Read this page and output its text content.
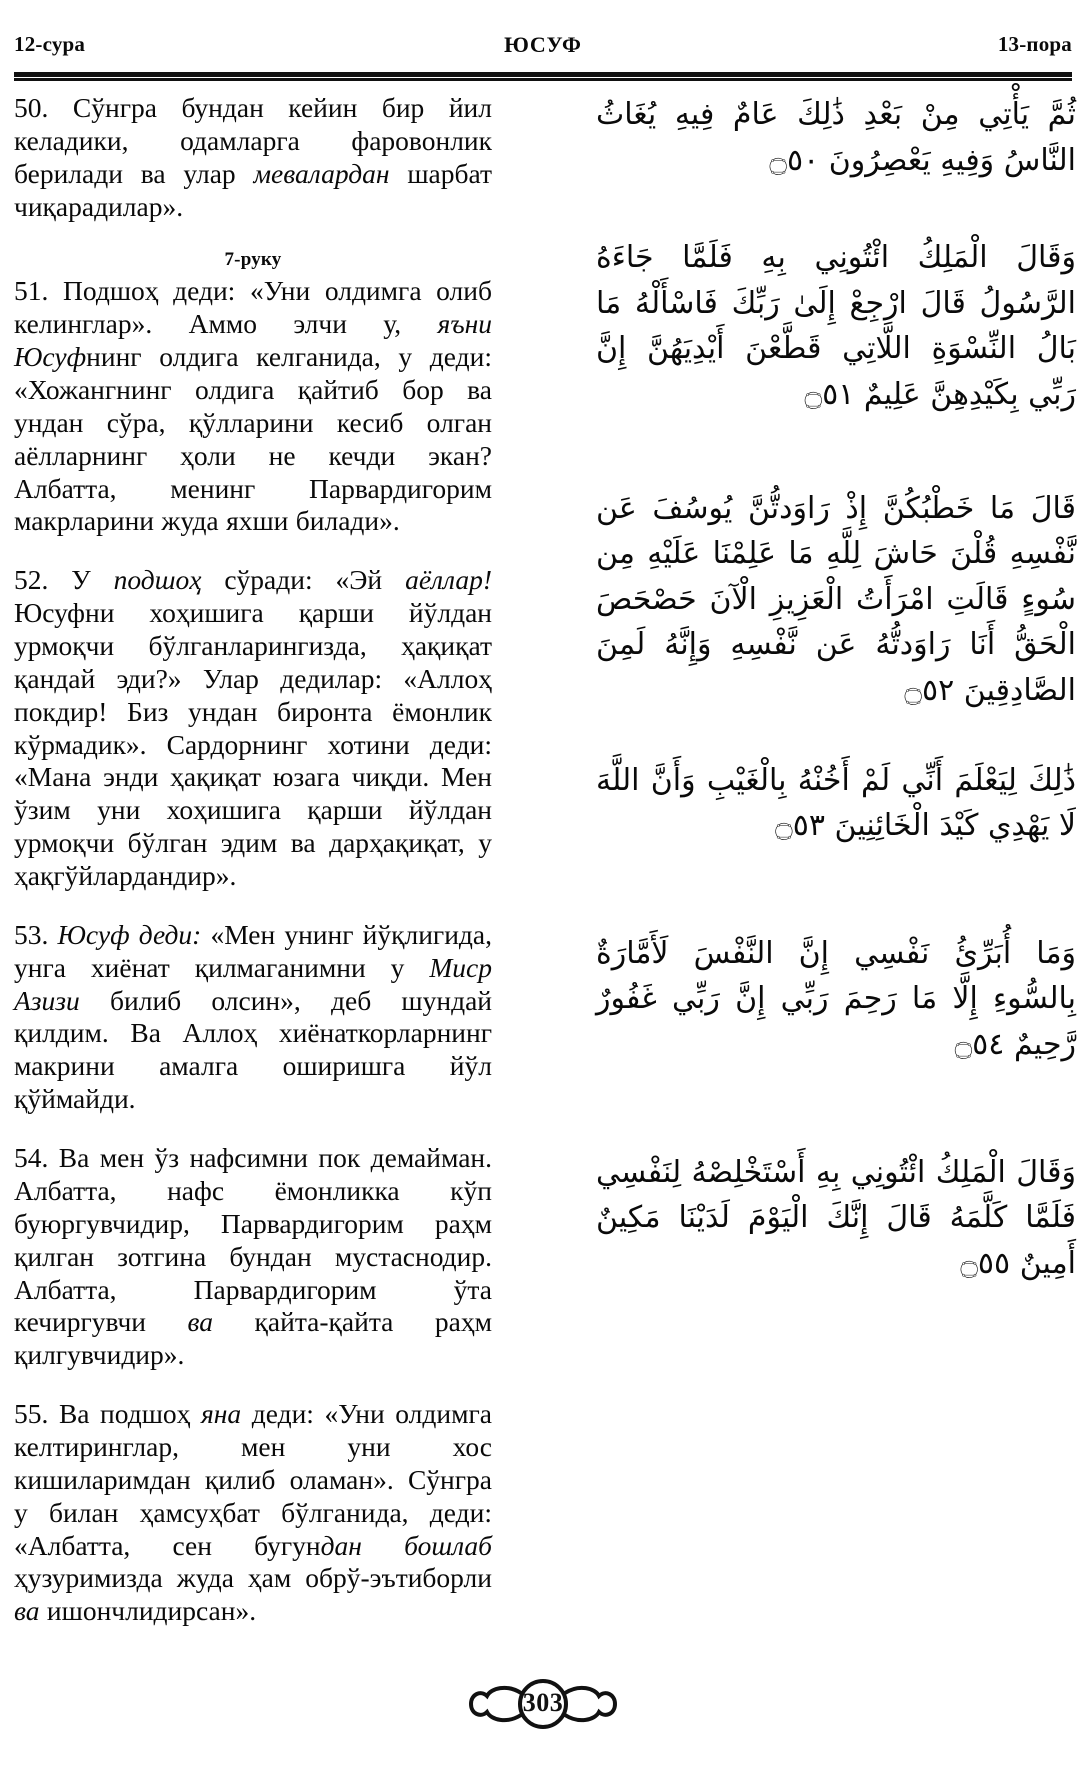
12-сура	ЮСУФ	13-пора

50. Сўнгра бундан кейин бир йил келадики, одамларга фаровонлик берилади ва улар мевалардан шарбат чиқарадилар».

7-руку

51. Подшоҳ деди: «Уни олдимга олиб келинглар». Аммо элчи у, яъни Юсуфнинг олдига келганида, у деди: «Хожангнинг олдига қайтиб бор ва ундан сўра, қўлларини кесиб олган аёлларнинг ҳоли не кечди экан? Албатта, менинг Парвардигорим макрларини жуда яхши билади».

52. У подшоҳ сўради: «Эй аёллар! Юсуфни хоҳишига қарши йўлдан урмоқчи бўлганларингизда, ҳақиқат қандай эди?» Улар дедилар: «Аллоҳ покдир! Биз ундан биронта ёмонлик кўрмадик». Сардорнинг хотини деди: «Мана энди ҳақиқат юзага чиқди. Мен ўзим уни хоҳишига қарши йўлдан урмоқчи бўлган эдим ва дарҳақиқат, у ҳақгўйлардандир».

53. Юсуф деди: «Мен унинг йўқлигида, унга хиёнат қилмаганимни у Миср Азизи билиб олсин», деб шундай қилдим. Ва Аллоҳ хиёнаткорларнинг макрини амалга оширишга йўл қўймайди.

54. Ва мен ўз нафсимни пок демайман. Албатта, нафс ёмонликка кўп буюргувчидир, Парвардигорим раҳм қилган зотгина бундан мустаснодир. Албатта, Парвардигорим ўта кечиргувчи ва қайта-қайта раҳм қилгувчидир».

55. Ва подшоҳ яна деди: «Уни олдимга келтиринглар, мен уни хос кишиларимдан қилиб оламан». Сўнгра у билан ҳамсуҳбат бўлганида, деди: «Албатта, сен бугундан бошлаб ҳузуримизда жуда ҳам обрў-эътиборли ва ишончлидирсан».

ثُمَّ يَأْتِي مِنْ بَعْدِ ذَٰلِكَ عَامٌ فِيهِ يُغَاثُ النَّاسُ وَفِيهِ يَعْصِرُونَ ۝٥٠

وَقَالَ الْمَلِكُ ائْتُونِي بِهِ فَلَمَّا جَاءَهُ الرَّسُولُ قَالَ ارْجِعْ إِلَىٰ رَبِّكَ فَاسْأَلْهُ مَا بَالُ النِّسْوَةِ اللَّاتِي قَطَّعْنَ أَيْدِيَهُنَّ إِنَّ رَبِّي بِكَيْدِهِنَّ عَلِيمٌ ۝٥١

قَالَ مَا خَطْبُكُنَّ إِذْ رَاوَدتُّنَّ يُوسُفَ عَن نَّفْسِهِ قُلْنَ حَاشَ لِلَّهِ مَا عَلِمْنَا عَلَيْهِ مِن سُوءٍ قَالَتِ امْرَأَتُ الْعَزِيزِ الْآنَ حَصْحَصَ الْحَقُّ أَنَا رَاوَدتُّهُ عَن نَّفْسِهِ وَإِنَّهُ لَمِنَ الصَّادِقِينَ ۝٥٢

ذَٰلِكَ لِيَعْلَمَ أَنِّي لَمْ أَخُنْهُ بِالْغَيْبِ وَأَنَّ اللَّهَ لَا يَهْدِي كَيْدَ الْخَائِنِينَ ۝٥٣

وَمَا أُبَرِّئُ نَفْسِي إِنَّ النَّفْسَ لَأَمَّارَةٌ بِالسُّوءِ إِلَّا مَا رَحِمَ رَبِّي إِنَّ رَبِّي غَفُورٌ رَّحِيمٌ ۝٥٤

وَقَالَ الْمَلِكُ ائْتُونِي بِهِ أَسْتَخْلِصْهُ لِنَفْسِي فَلَمَّا كَلَّمَهُ قَالَ إِنَّكَ الْيَوْمَ لَدَيْنَا مَكِينٌ أَمِينٌ ۝٥٥

303
